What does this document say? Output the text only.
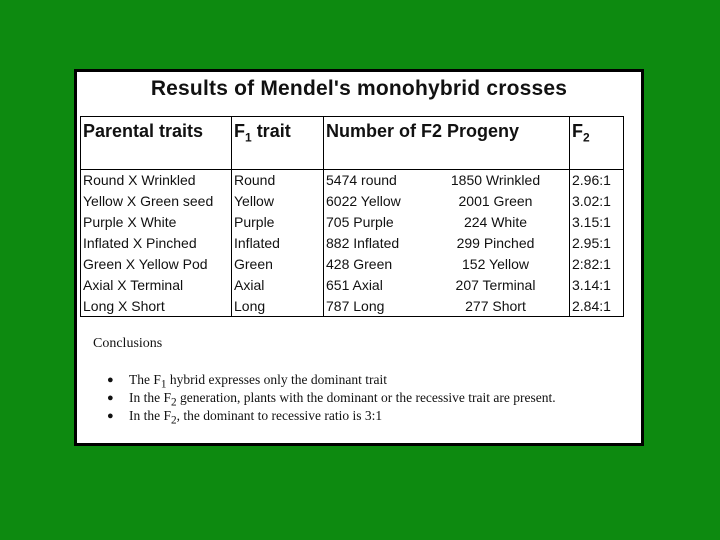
Results of Mendel's monohybrid crosses
Parental traits	$F_1$ trait	Number of F2 Progeny	$F_2$
Round X Wrinkled	Round	5474 round 1850 Wrinkled	2.96:1
Yellow X Green seed	Yellow	6022 Yellow 2001 Green	3.02:1
Purple X White	Purple	705 Purple 224 White	3.15:1
Inflated X Pinched	Inflated	882 Inflated 299 Pinched	2.95:1
Green X Yellow Pod	Green	428 Green 152 Yellow	2:82:1
Axial X Terminal	Axial	651 Axial 207 Terminal	3.14:1
Long X Short	Long	787 Long 277 Short	2.84:1
Conclusions
● The $F_1$ hybrid expresses only the dominant trait
● In the $F_2$ generation, plants with the dominant or the recessive trait are present.
● In the $F_2$, the dominant to recessive ratio is 3:1
